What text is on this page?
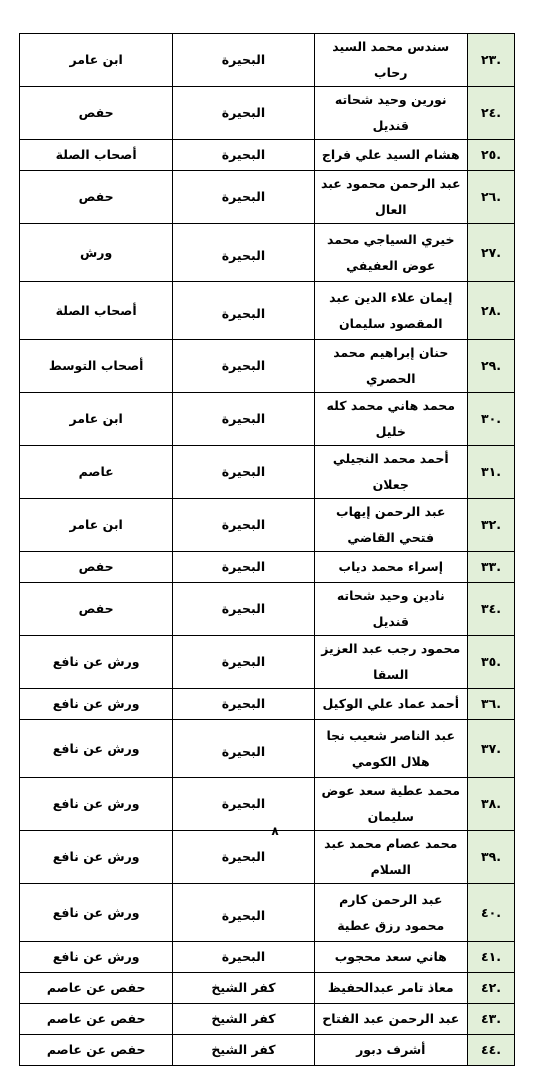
.٢٣	سندس محمد السيد رحاب	البحيرة	ابن عامر
.٢٤	نورين وحيد شحاته قنديل	البحيرة	حفص
.٢٥	هشام السيد علي فراج	البحيرة	أصحاب الصلة
.٢٦	عبد الرحمن محمود عبد العال	البحيرة	حفص
.٢٧	خيري السياجي محمد عوض العفيفي	البحيرة	ورش
.٢٨	إيمان علاء الدين عبد المقصود سليمان	البحيرة	أصحاب الصلة
.٢٩	حنان إبراهيم محمد الحصري	البحيرة	أصحاب التوسط
.٣٠	محمد هاني محمد كله خليل	البحيرة	ابن عامر
.٣١	أحمد محمد النجيلي جعلان	البحيرة	عاصم
.٣٢	عبد الرحمن إيهاب فتحي القاضي	البحيرة	ابن عامر
.٣٣	إسراء محمد دياب	البحيرة	حفص
.٣٤	نادين وحيد شحاته قنديل	البحيرة	حفص
.٣٥	محمود رجب عبد العزيز السقا	البحيرة	ورش عن نافع
.٣٦	أحمد عماد علي الوكيل	البحيرة	ورش عن نافع
.٣٧	عبد الناصر شعيب نجا هلال الكومي	البحيرة	ورش عن نافع
.٣٨	محمد عطية سعد عوض سليمان	البحيرة	ورش عن نافع
.٣٩	محمد عصام محمد عبد السلام	البحيرة	ورش عن نافع
.٤٠	عبد الرحمن كارم محمود رزق عطية	البحيرة	ورش عن نافع
.٤١	هاني سعد محجوب	البحيرة	ورش عن نافع
.٤٢	معاذ تامر عبدالحفيظ	كفر الشيخ	حفص عن عاصم
.٤٣	عبد الرحمن عبد الفتاح	كفر الشيخ	حفص عن عاصم
.٤٤	أشرف دبور	كفر الشيخ	حفص عن عاصم
٨
